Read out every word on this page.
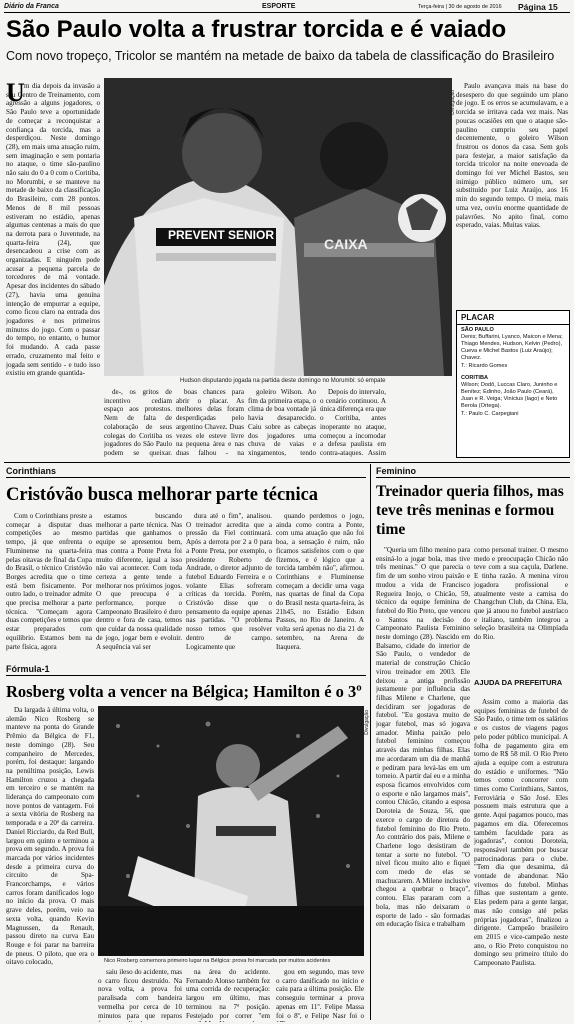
Diário da Franca	ESPORTE	Terça-feira | 30 de agosto de 2016 Página 15
São Paulo volta a frustrar torcida e é vaiado
Com novo tropeço, Tricolor se mantém na metade de baixo da tabela de classificação do Brasileiro
U m dia depois da invasão a seu Centro de Treinamento, com agressão a alguns jogadores, o São Paulo teve a oportunidade de começar a reconquistar a confiança da torcida, mas a desperdiçou. Neste domingo (28), em mais uma atuação ruim, sem imaginação e sem pontaria no ataque, o time são-paulino não saiu do 0 a 0 com o Coritiba, no Morumbi, e se manteve na metade de baixo da classificação do Brasileiro, com 28 pontos. Menos de 8 mil pessoas estiveram no estádio, apenas algumas centenas a mais do que na derrota para o Juventude, na quarta-feira (24), que desencadeou a crise com as organizadas. E ninguém pode acusar a pequena parcela de torcedores de má vontade. Apesar dos incidentes do sábado (27), havia uma genuína intenção de empurrar a equipe, como ficou claro na entrada dos jogadores e nos primeiros minutos do jogo. Com o passar do tempo, no entanto, o humor foi mudando. A cada passe errado, cruzamento mal feito e jogada sem sentido - e tudo isso existiu em grande quantida-

PREVENT SENIOR
CAIXA
Divulgação
Hudson disputando jogada na partida deste domingo no Morumbi: só empate

de-, os gritos de incentivo cediam espaço aos protestos. Nem de falta de colaboração de seus colegas do Coritiba os jogadores do São Paulo podem se queixar.

boas chances para abrir o placar. As melhores delas foram desperdiçadas pelo argentino Chavez. Duas vezes ele esteve livre na pequena área e nas duas falhou - na

goleiro Wilson. Ao fim da primeira etapa, o clima de boa vontade já havia desaparecido. Caiu sobre as cabeças dos jogadores uma chuva de vaias e xingamentos, tendo

Depois do intervalo, o cenário continuou. A única diferença era que o Coritiba, antes inoperante no ataque, começou a incomodar a defesa paulista em contra-ataques. Assim

Paulo avançava mais na base do desespero do que seguindo um plano de jogo. E os erros se acumulavam, e a torcida se irritava cada vez mais. Nas poucas ocasiões em que o ataque são-paulino cumpriu seu papel decentemente, o goleiro Wilson frustrou os donos da casa. Sem gols para festejar, a maior satisfação da torcida tricolor na noite enevoada de domingo foi ver Michel Bastos, seu inimigo público número um, ser substituído por Luiz Araújo, aos 16 min do segundo tempo. O meia, mais uma vez, ouviu enorme quantidade de palavrões. No apito final, como esperado, vaias. Muitas vaias.

PLACAR
SÃO PAULO
Denis; Buffarini, Lyanco, Maicon e Mena; Thiago Mendes, Hudson, Kelvin (Pedro), Cueva e Michel Bastos (Luiz Araújo); Chavez.
T.: Ricardo Gomes
CORITIBA
Wilson; Dodô, Luccas Claro, Juninho e Benítez; Edinho, João Paulo (Ceará), Juan e R. Veiga; Vinícius (Iago) e Neto Berola (Ortega).
T.: Paulo C. Carpegiani
Corinthians
Cristóvão busca melhorar parte técnica

Com o Corinthians preste a começar a disputar duas competições ao mesmo tempo, já que enfrenta o Fluminense na quarta-feira pelas oitavas de final da Copa do Brasil, o técnico Cristóvão Borges acredita que o time está bem fisicamente. Por outro lado, o treinador admite que precisa melhorar a parte técnica. "Começam agora duas competições e temos que estar preparados com equilíbrio. Estamos bem na parte física, agora

estamos buscando melhorar a parte técnica. Nas partidas que ganhamos o equipe se apresentou bem, mas contra a Ponte Preta foi muito diferente, igual a isso não vai acontecer. Com toda certeza a gente tende a melhorar nos próximos jogos. O que preocupa é a performance, porque o Campeonato Brasileiro é duro dentro e fora de casa, temos que cuidar da nossa qualidade de jogo, jogar bem e evoluir. A sequência vai ser

dura até o fim", analisou. O treinador acredita que a pressão da Fiel continuará. Após a derrota por 2 a 0 para a Ponte Preta, por exemplo, o presidente Roberto de Andrade, o diretor adjunto de futebol Eduardo Ferreira e o volante Elias sofreram críticas da torcida. Porém, Cristóvão disse que o pensamento da equipe apenas nas partidas. "O problema nosso temos que resolver dentro de campo. Logicamente que

quando perdemos o jogo, ainda como contra a Ponte, com uma atuação que não foi boa, a sensação é ruim, não ficamos satisfeitos com o que fizemos, e é lógico que a torcida também não", afirmou. Corinthians e Fluminense começam a decidir uma vaga nas quartas de final da Copa do Brasil nesta quarta-feira, às 21h45, no Estádio Edson Passos, no Rio de Janeiro. A volta será apenas no dia 21 de setembro, na Arena de Itaquera.

Fórmula-1
Rosberg volta a vencer na Bélgica; Hamilton é o 3º

Da largada à última volta, o alemão Nico Rosberg se manteve na ponta do Grande Prêmio da Bélgica de F1, neste domingo (28). Seu companheiro de Mercedes, porém, foi destaque: largando na penúltima posição, Lewis Hamilton cruzou a chegada em terceiro e se mantém na liderança do campeonato com nove pontos de vantagem. Foi a sexta vitória de Rosberg na temporada e a 20ª da carreira. Daniel Ricciardo, da Red Bull, largou em quinto e terminou a prova em segundo. A prova foi marcada por vários incidentes desde a primeira curva do circuito de Spa-Francorchamps, e vários carros foram danificados logo no início da prova. O mais grave deles, porém, veio na sexta volta, quando Kevin Magnussen, da Renault, passou direto na curva Eau Rouge e foi parar na barreira de pneus. O piloto, que era o oitavo colocado,

Divulgação
Nico Rosberg comemora primeiro lugar na Bélgica: prova foi marcada por muitos acidentes

saiu ileso do acidente, mas o carro ficou destruído. Na nova volta, a prova foi paralisada com bandeira vermelha por cerca de 10 minutos para que reparos

na área do acidente. Fernando Alonso também fez uma corrida de recuperação: largou em último, mas terminou na 7ª posição. Festejado por correr "em

gou em segundo, mas teve o carro danificado no início e caiu para a última posição. Ele conseguiu terminar a prova apenas em 11º. Felipe Massa foi o 8º, e Felipe Nasr foi o

Feminino
Treinador queria filhos, mas teve três meninas e formou time

"Queria um filho menino para ensiná-lo a jogar bola, mas tive três meninas." O que parecia o fim de um sonho virou paixão e mudou a vida de Francisco Regueira Inojo, o Chicão, 59, técnico da equipe feminina de futebol do Rio Preto, que venceu o Santos na decisão do Campeonato Paulista Feminino neste domingo (28). Nascido em Balsamo, cidade do interior de São Paulo, o vendedor de material de construção Chicão virou treinador em 2003. Ele deixou a antiga profissão justamente por influência das filhas Milene e Charlene, que decidiram ser jogadoras de futebol. "Eu gostava muito de jogar futebol, mas só jogava amador. Minha paixão pelo futebol feminino começou através das minhas filhas. Elas me acordaram um dia de manhã e pediram para levá-las em um torneio. A partir daí eu e a minha esposa ficamos envolvidos com o esporte e não largamos mais", contou Chicão, citando a esposa Doroteia de Souza, 56, que exerce o cargo de diretora do futebol feminino do Rio Preto. Ao contrário dos pais, Milene e Charlene logo desistiram de tentar a sorte no futebol. "O nível ficou muito alto e fiquei com medo de elas se machucarem. A Milene inclusive chegou a quebrar o braço", contou. Elas pararam com a bola, mas não deixaram o esporte de lado - são formadas em educação física e trabalham

como personal trainer. O mesmo medo e preocupação Chicão não teve com a sua caçula, Darlene. E tinha razão. A menina virou jogadora profissional e atualmente veste a camisa do Changchun Club, da China. Ela, que já atuou no futebol austríaco e italiano, também integrou a seleção brasileira na Olimpíada do Rio.

AJUDA DA PREFEITURA

Assim como a maioria das equipes femininas de futebol de São Paulo, o time tem os salários e os custos de viagens pagos pelo poder público municipal. A folha de pagamento gira em torno de R$ 58 mil. O Rio Preto ajuda a equipe com a estrutura do estádio e uniformes. "Não temos como concorrer com times como Corinthians, Santos, Ferroviária e São José. Eles possuem mais estrutura que a gente. Aqui pagamos pouco, mas pagamos em dia. Oferecemos também faculdade para as jogadoras", contou Doroteia, responsável também por buscar patrocinadoras para o clube. "Tem dia que desanima, dá vontade de abandonar. Não vivemos do futebol. Minhas filhas que sustentam a gente. Elas pedem para a gente largar, mas não consigo até pelas próprias jogadoras", finalizou a dirigente. Campeão brasileiro em 2015 e vice-campeão neste ano, o Rio Preto conquistou no domingo seu primeiro título do Campeonato Paulista.
